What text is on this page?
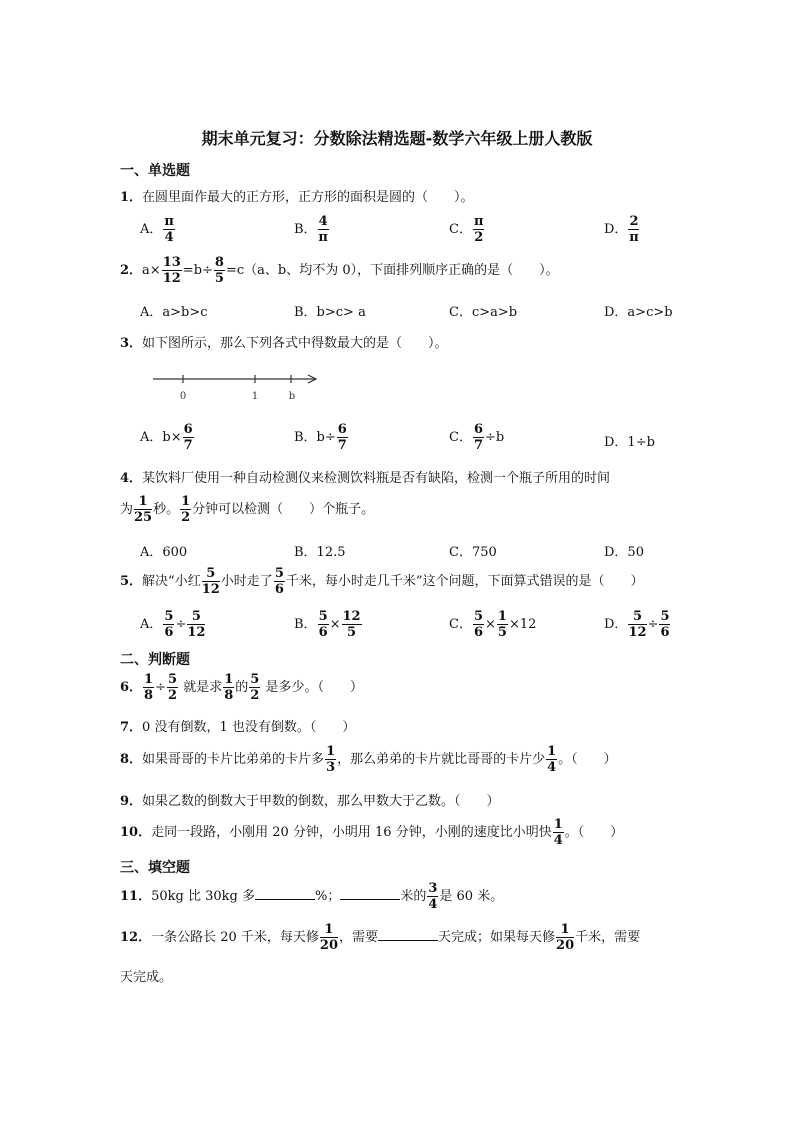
期末单元复习：分数除法精选题-数学六年级上册人教版
一、单选题
1．在圆里面作最大的正方形，正方形的面积是圆的（　　）。
A． $\frac{\pi}{4}$	B． $\frac{4}{\pi}$	C． $\frac{\pi}{2}$	D． $\frac{2}{\pi}$
2．$a\times \frac{13}{12} =b\div \frac{8}{5} =c(a$、b、均不为 0），下面排列顺序正确的是（　　）。
A．a>b>c	B．b>c> a	C．c>a>b	D．a>c>b
3．如下图所示，那么下列各式中得数最大的是（　　）。
0	1	b
A．$b\times \frac{6}{7}$	B．$b\div \frac{6}{7}$	C． $\frac{6}{7} \div b$	D．1÷b
4．某饮料厂使用一种自动检测仪来检测饮料瓶是否有缺陷，检测一个瓶子所用的时间
为 $\frac{1}{25}$ 秒。 $\frac{1}{2}$ 分钟可以检测（　　）个瓶子。
A．600	B．12.5	C．750	D．50
5．解决“小红 $\frac{5}{12}$ 小时走了 $\frac{5}{6}$ 千米，每小时走几千米”这个问题，下面算式错误的是（　　）
A． $\frac{5}{6} \div \frac{5}{12}$	B． $\frac{5}{6} \times \frac{12}{5}$	C． $\frac{5}{6} \times \frac{1}{5} \times 12$	D． $\frac{5}{12} \div \frac{5}{6}$
二、判断题
6． $\frac{1}{8} \div \frac{5}{2}$ 就是求 $\frac{1}{8}$ 的 $\frac{5}{2}$ 是多少。（　　）
7．0 没有倒数，1 也没有倒数。（　　）
8．如果哥哥的卡片比弟弟的卡片多 $\frac{1}{3}$ ，那么弟弟的卡片就比哥哥的卡片少 $\frac{1}{4}$ 。（　　）
9．如果乙数的倒数大于甲数的倒数，那么甲数大于乙数。（　　）
10．走同一段路，小刚用 20 分钟，小明用 16 分钟，小刚的速度比小明快 $\frac{1}{4}$ 。（　　）
三、填空题
11．50kg 比 30kg 多	%；	米的 $\frac{3}{4}$ 是 60 米。
12．一条公路长 20 千米，每天修 $\frac{1}{20}$ ，需要	天完成；如果每天修 $\frac{1}{20}$ 千米，需要
天完成。
